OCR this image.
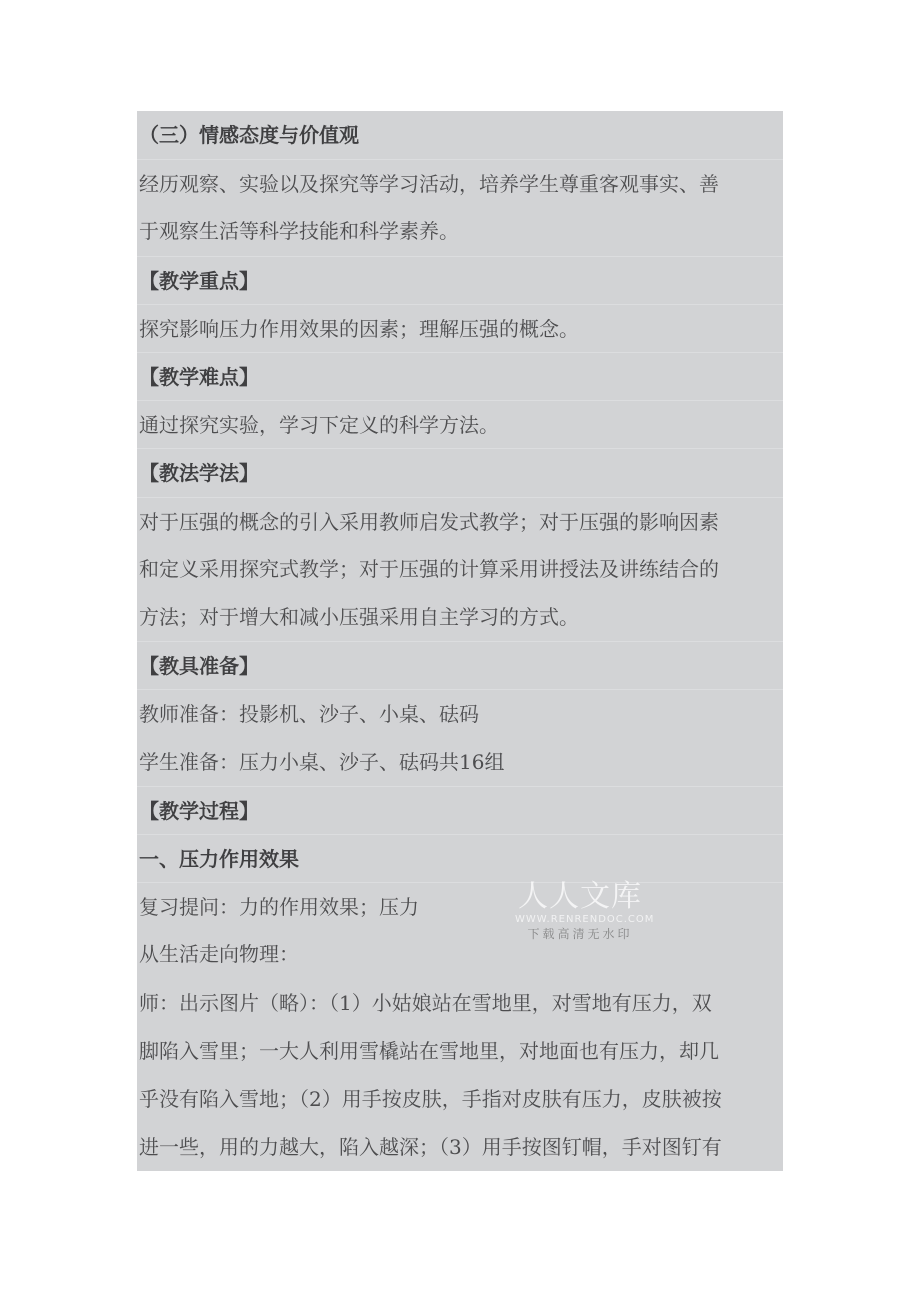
（三）情感态度与价值观
经历观察、实验以及探究等学习活动，培养学生尊重客观事实、善
于观察生活等科学技能和科学素养。
【教学重点】
探究影响压力作用效果的因素；理解压强的概念。
【教学难点】
通过探究实验，学习下定义的科学方法。
【教法学法】
对于压强的概念的引入采用教师启发式教学；对于压强的影响因素
和定义采用探究式教学；对于压强的计算采用讲授法及讲练结合的
方法；对于增大和减小压强采用自主学习的方式。
【教具准备】
教师准备：投影机、沙子、小桌、砝码
学生准备：压力小桌、沙子、砝码共16组
【教学过程】
一、压力作用效果
复习提问：力的作用效果；压力
从生活走向物理：
师：出示图片（略）：（1）小姑娘站在雪地里，对雪地有压力，双
脚陷入雪里；一大人利用雪橇站在雪地里，对地面也有压力，却几
乎没有陷入雪地；（2）用手按皮肤，手指对皮肤有压力，皮肤被按
进一些，用的力越大，陷入越深；（3）用手按图钉帽，手对图钉有
人人文库
WWW.RENRENDOC.COM
下载高清无水印
